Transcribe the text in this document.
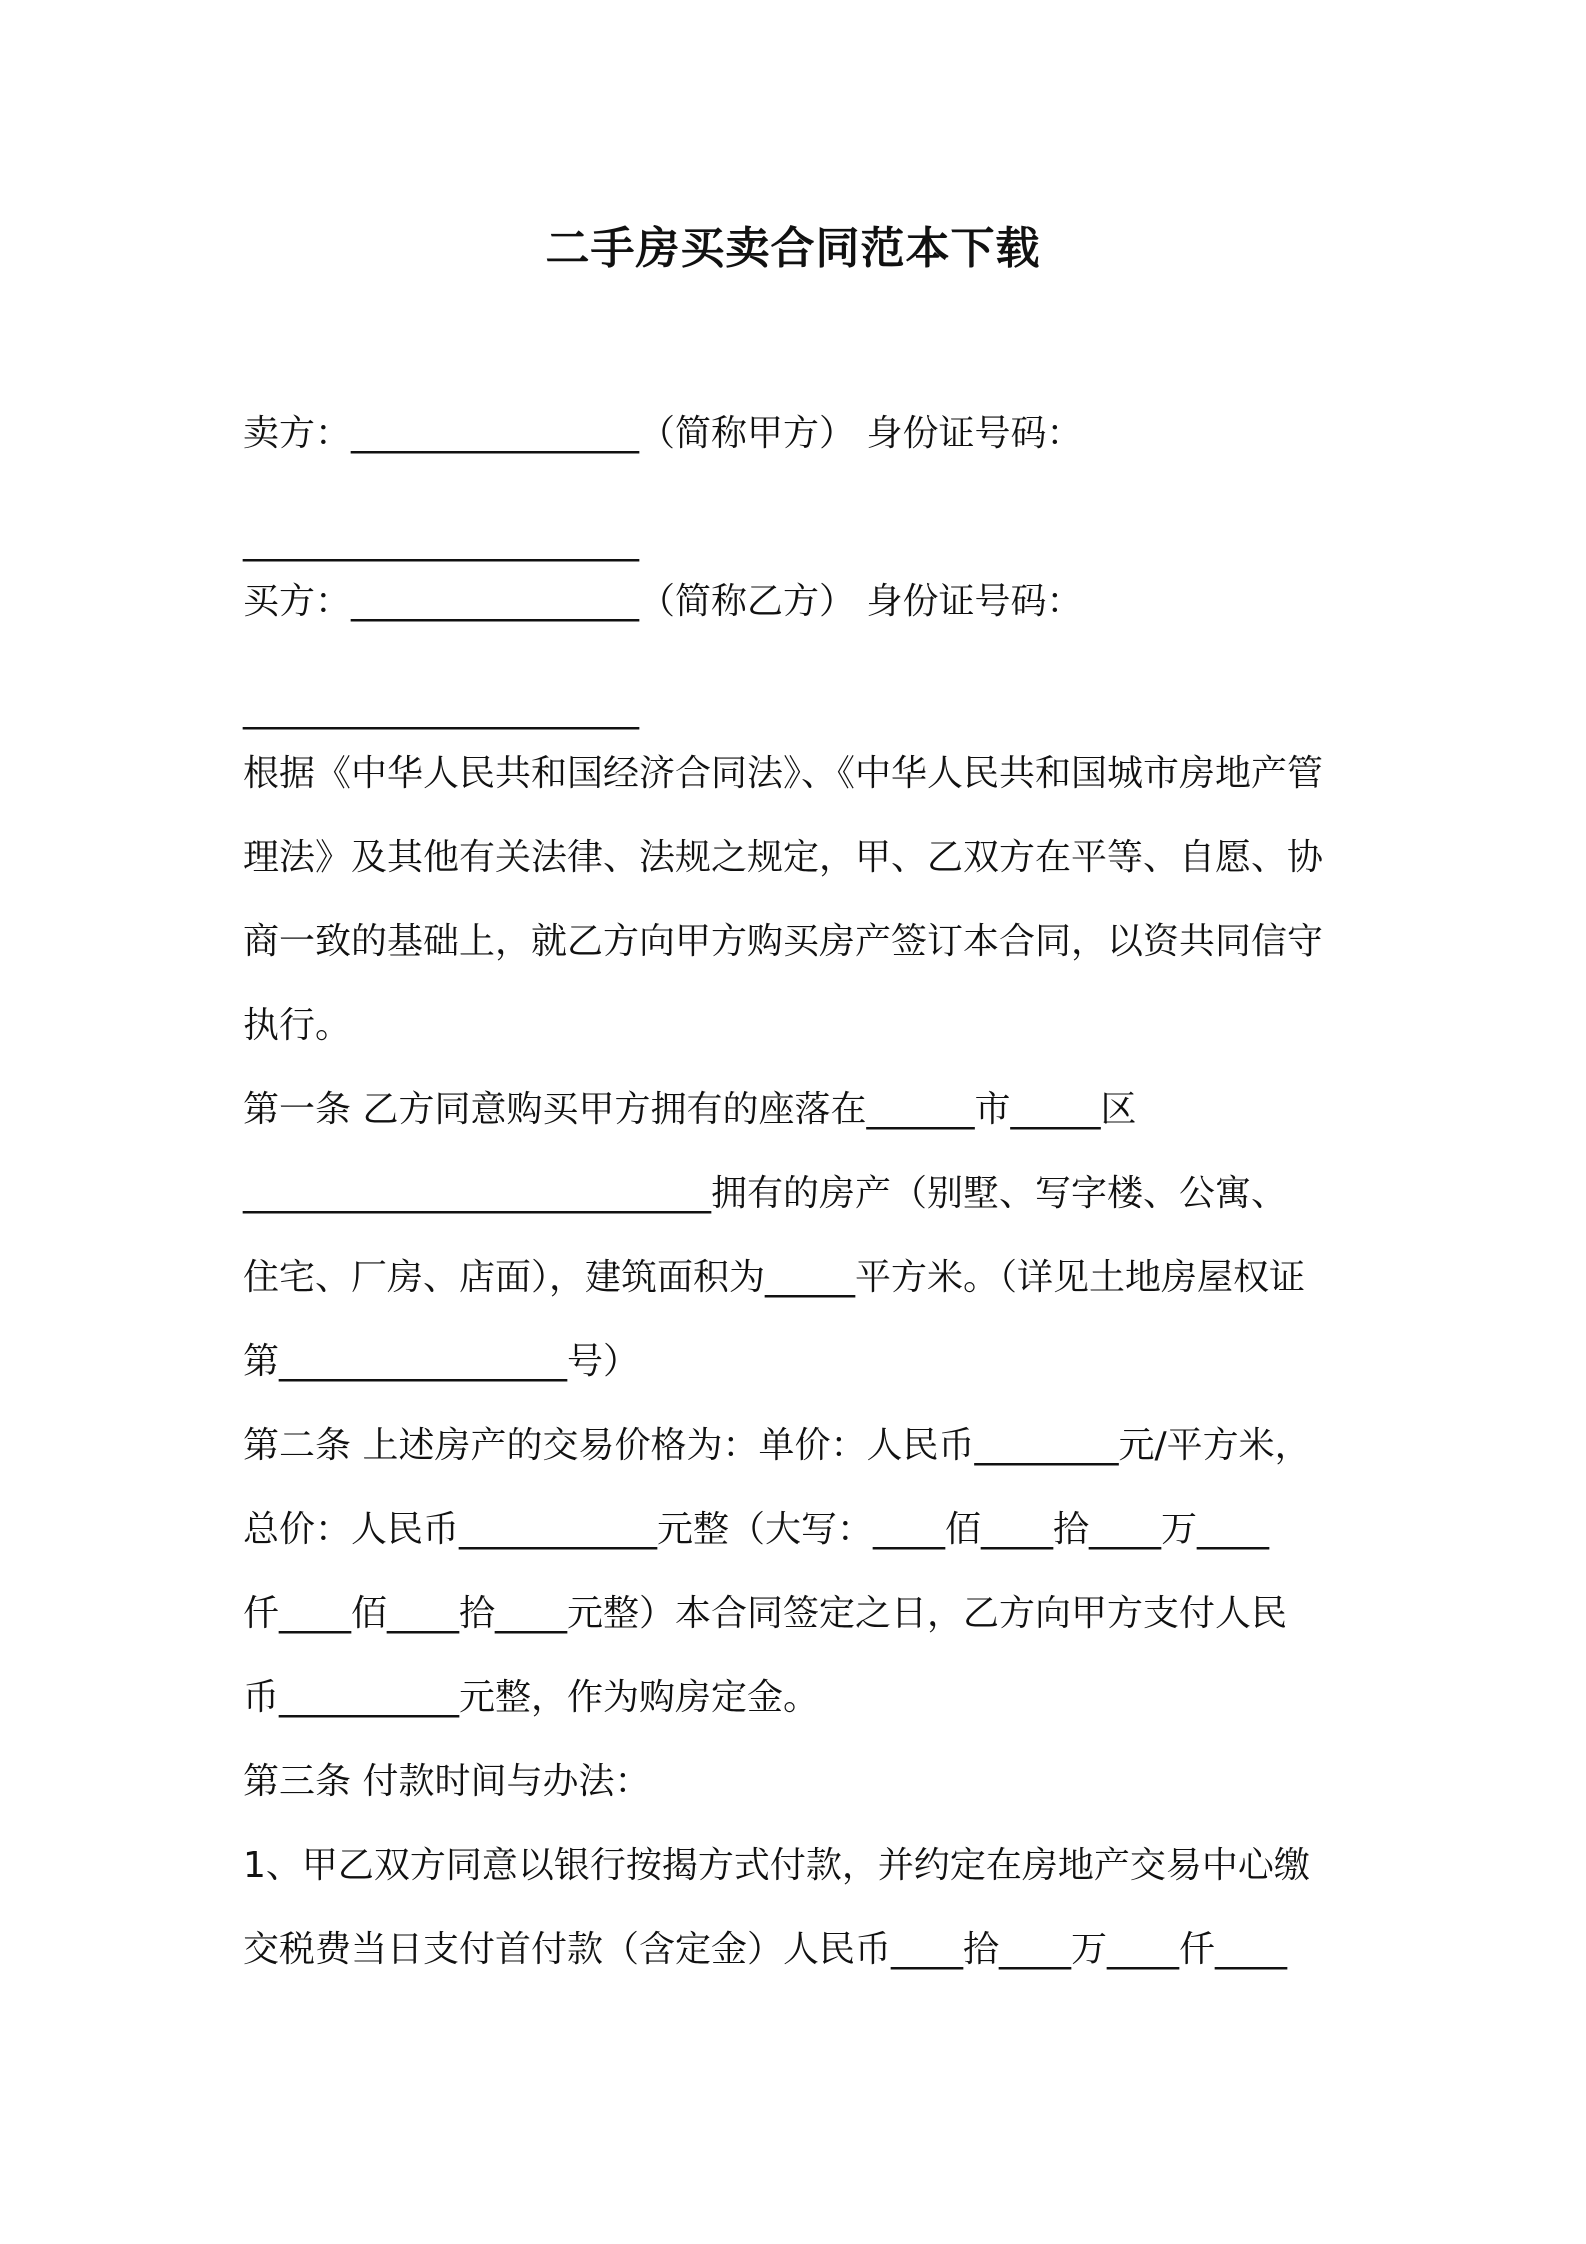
二手房买卖合同范本下载
卖方：________________（简称甲方） 身份证号码：
______________________
买方：________________（简称乙方） 身份证号码：
______________________
根据《中华人民共和国经济合同法》、《中华人民共和国城市房地产管
理法》及其他有关法律、法规之规定，甲、乙双方在平等、自愿、协
商一致的基础上，就乙方向甲方购买房产签订本合同，以资共同信守
执行。
第一条 乙方同意购买甲方拥有的座落在______市_____区
__________________________拥有的房产（别墅、写字楼、公寓、
住宅、厂房、店面），建筑面积为_____平方米。（详见土地房屋权证
第________________号）
第二条 上述房产的交易价格为：单价：人民币________元/平方米，
总价：人民币___________元整（大写：____佰____拾____万____
仟____佰____拾____元整）本合同签定之日，乙方向甲方支付人民
币__________元整，作为购房定金。
第三条 付款时间与办法：
1、甲乙双方同意以银行按揭方式付款，并约定在房地产交易中心缴
交税费当日支付首付款（含定金）人民币____拾____万____仟____
